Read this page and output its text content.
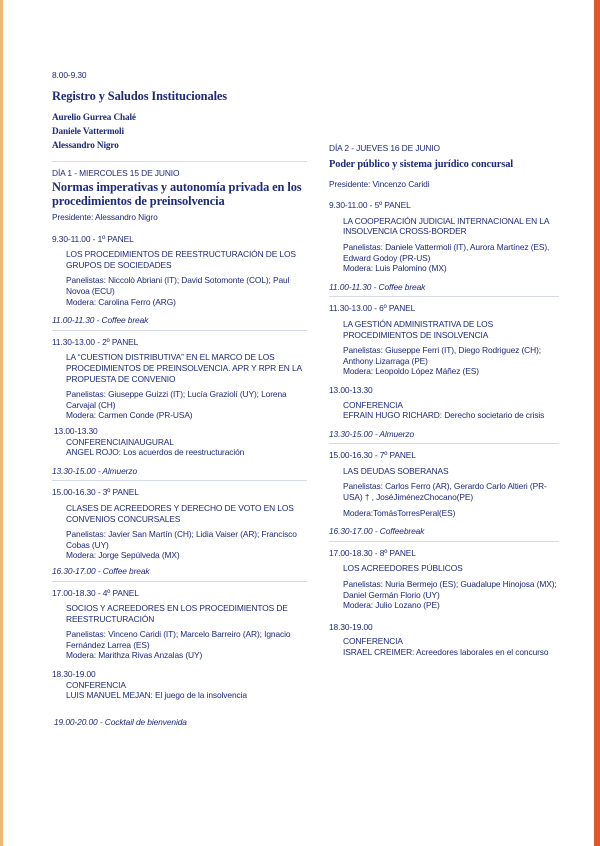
8.00-9.30

Registro y Saludos Institucionales

Aurelio Gurrea Chalé

Daniele Vattermoli

Alessandro Nigro

DÍA 1 - MIERCOLES 15 DE JUNIO

Normas imperativas y autonomía privada en los procedimientos de preinsolvencia

Presidente: Alessandro Nigro

9.30-11.00 - 1º PANEL

LOS PROCEDIMIENTOS DE REESTRUCTURACIÓN DE LOS GRUPOS DE SOCIEDADES

Panelistas: Niccolò Abriani (IT); David Sotomonte (COL); Paul Novoa (ECU)

Modera: Carolina Ferro (ARG)

11.00-11.30 - Coffee break

11.30-13.00 - 2º PANEL

LA “CUESTION DISTRIBUTIVA” EN EL MARCO DE LOS PROCEDIMIENTOS DE PREINSOLVENCIA. APR Y RPR EN LA PROPUESTA DE CONVENIO

Panelistas: Giuseppe Guizzi (IT); Lucía Graziolí (UY); Lorena Carvajal (CH)

Modera: Carmen Conde (PR-USA)

13.00-13.30

CONFERENCIAINAUGURAL

ANGEL ROJO: Los acuerdos de reestructuración

13.30-15.00 - Almuerzo

15.00-16.30 - 3º PANEL

CLASES DE ACREEDORES Y DERECHO DE VOTO EN LOS CONVENIOS CONCURSALES

Panelistas: Javier San Martín (CH); Lidia Vaiser (AR); Francisco Cobas (UY)

Modera: Jorge Sepúlveda (MX)

16.30-17.00 - Coffee break

17.00-18.30 - 4º PANEL

SOCIOS Y ACREEDORES EN LOS PROCEDIMIENTOS DE REESTRUCTURACIÓN

Panelistas: Vinceno Caridi (IT); Marcelo Barreiro (AR); Ignacio Fernández Larrea (ES)

Modera: Marithza Rivas Anzalas (UY)

18.30-19.00

CONFERENCIA

LUIS MANUEL MEJAN: El juego de la insolvencia

19.00-20.00 - Cocktail de bienvenida

DÍA 2 - JUEVES 16 DE JUNIO

Poder público y sistema jurídico concursal

Presidente: Vincenzo Caridi

9.30-11.00 - 5º PANEL

LA COOPERACIÓN JUDICIAL INTERNACIONAL EN LA INSOLVENCIA CROSS-BORDER

Panelistas: Daniele Vattermoli (IT), Aurora Martínez (ES), Edward Godoy (PR-US)

Modera: Luis Palomino (MX)

11.00-11.30 - Coffee break

11.30-13.00 - 6º PANEL

LA GESTIÓN ADMINISTRATIVA DE LOS PROCEDIMIENTOS DE INSOLVENCIA

Panelistas: Giuseppe Ferri (IT), Diego Rodriguez (CH); Anthony Lizarraga (PE)

Modera: Leopoldo López Máñez (ES)

13.00-13.30

CONFERENCIA

EFRAIN HUGO RICHARD: Derecho societario de crisis

13.30-15.00 - Almuerzo

15.00-16.30 - 7º PANEL

LAS DEUDAS SOBERANAS

Panelistas: Carlos Ferro (AR), Gerardo Carlo Altieri (PR-USA) † , JoséJiménezChocano(PE)

Modera:TomásTorresPeral(ES)

16.30-17.00 - Coffeebreak

17.00-18.30 - 8º PANEL

LOS ACREEDORES PÚBLICOS

Panelistas: Nuria Bermejo (ES); Guadalupe Hinojosa (MX); Daniel Germán Florio (UY)

Modera: Julio Lozano (PE)

18.30-19.00

CONFERENCIA

ISRAEL CREIMER: Acreedores laborales en el concurso
